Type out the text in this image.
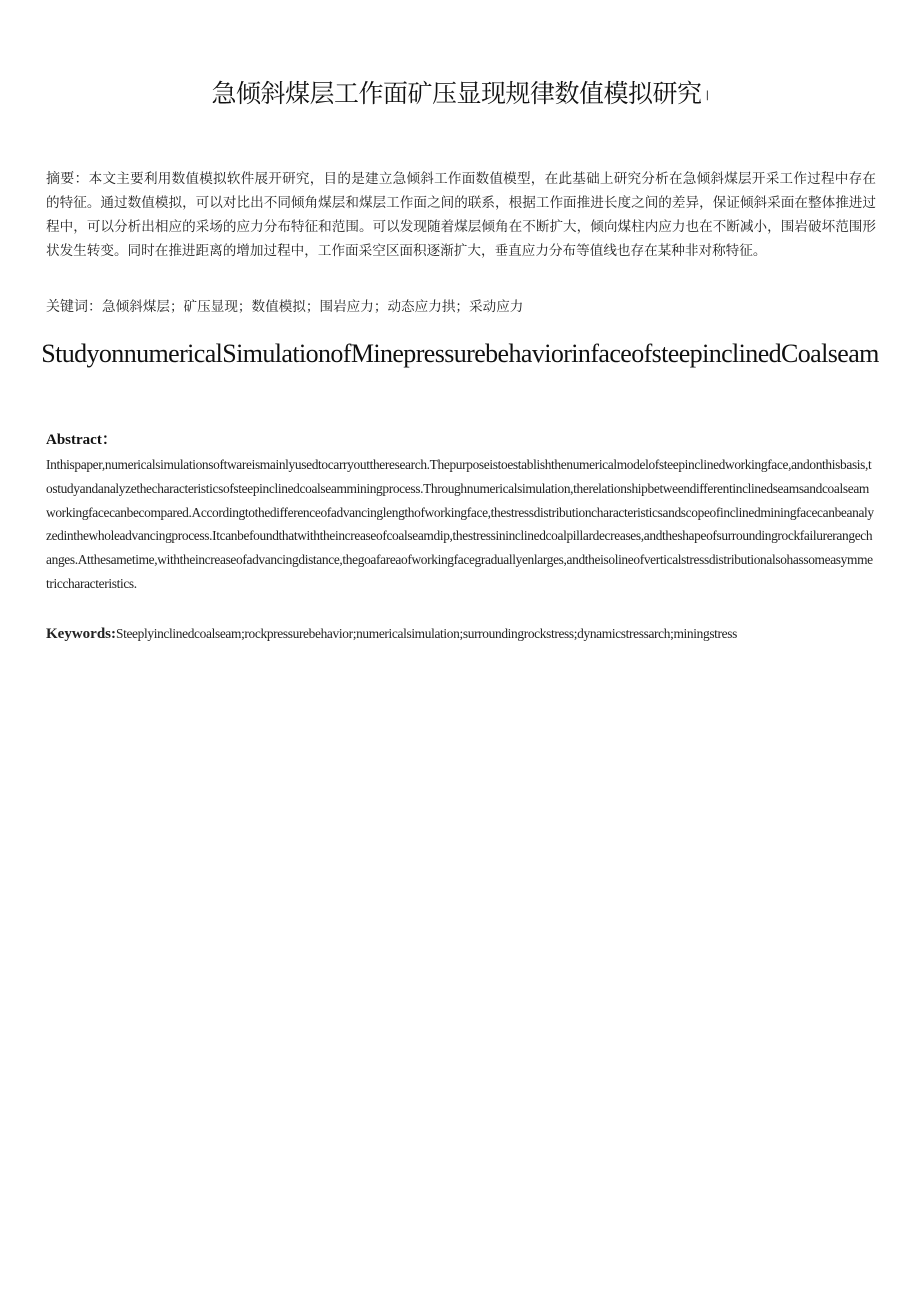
急倾斜煤层工作面矿压显现规律数值模拟研究 |

摘要：本文主要利用数值模拟软件展开研究，目的是建立急倾斜工作面数值模型，在此基础上研究分析在急倾斜煤层开采工作过程中存在的特征。通过数值模拟，可以对比出不同倾角煤层和煤层工作面之间的联系，根据工作面推进长度之间的差异，保证倾斜采面在整体推进过程中，可以分析出相应的采场的应力分布特征和范围。可以发现随着煤层倾角在不断扩大，倾向煤柱内应力也在不断减小，围岩破坏范围形状发生转变。同时在推进距离的增加过程中，工作面采空区面积逐渐扩大，垂直应力分布等值线也存在某种非对称特征。

关键词：急倾斜煤层；矿压显现；数值模拟；围岩应力；动态应力拱；采动应力

StudyonnumericalSimulationofMinepressurebehaviorinfaceofsteepinclinedCoalseam

Abstract：

Inthispaper,numericalsimulationsoftwareismainlyusedtocarryouttheresearch.Thepurposeistoestablishthenumericalmodelofsteepinclinedworkingface,andonthisbasis,tostudyandanalyzethecharacteristicsofsteepinclinedcoalseamminingprocess.Throughnumericalsimulation,therelationshipbetweendifferentinclinedseamsandcoalseamworkingfacecanbecompared.Accordingtothedifferenceofadvancinglengthofworkingface,thestressdistributioncharacteristicsandscopeofinclinedminingfacecanbeanalyzedinthewholeadvancingprocess.Itcanbefoundthatwiththeincreaseofcoalseamdip,thestressininclinedcoalpillardecreases,andtheshapeofsurroundingrockfailurerangechanges.Atthesametime,withtheincreaseofadvancingdistance,thegoafareaofworkingfacegraduallyenlarges,andtheisolineofverticalstressdistributionalsohassomeasymmetriccharacteristics.

Keywords:Steeplyinclinedcoalseam;rockpressurebehavior;numericalsimulation;surroundingrockstress;dynamicstressarch;miningstress
